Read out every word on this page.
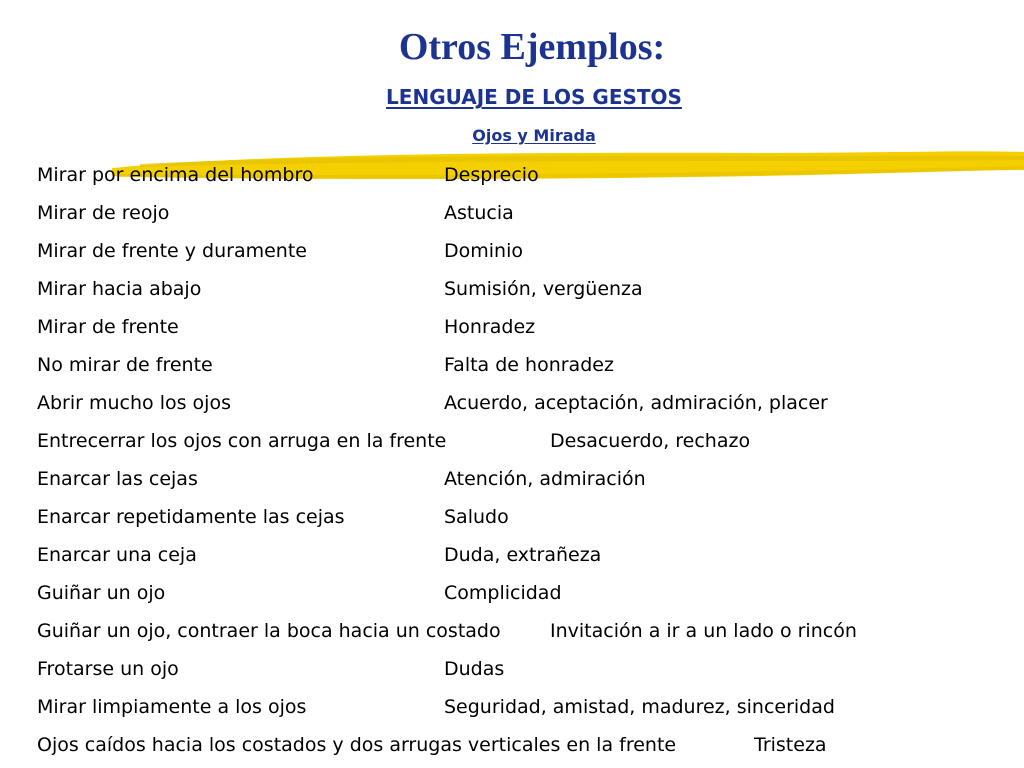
Otros Ejemplos:
LENGUAJE DE LOS GESTOS
Ojos y Mirada
Mirar por encima del hombro	Desprecio
Mirar de reojo	Astucia
Mirar de frente y duramente	Dominio
Mirar hacia abajo	Sumisión, vergüenza
Mirar de frente	Honradez
No mirar de frente	Falta de honradez
Abrir mucho los ojos	Acuerdo, aceptación, admiración, placer
Entrecerrar los ojos con arruga en la frente	Desacuerdo, rechazo
Enarcar las cejas	Atención, admiración
Enarcar repetidamente las cejas	Saludo
Enarcar una ceja	Duda, extrañeza
Guiñar un ojo	Complicidad
Guiñar un ojo, contraer la boca hacia un costado	Invitación a ir a un lado o rincón
Frotarse un ojo	Dudas
Mirar limpiamente a los ojos	Seguridad, amistad, madurez, sinceridad
Ojos caídos hacia los costados y dos arrugas verticales en la frente	Tristeza
